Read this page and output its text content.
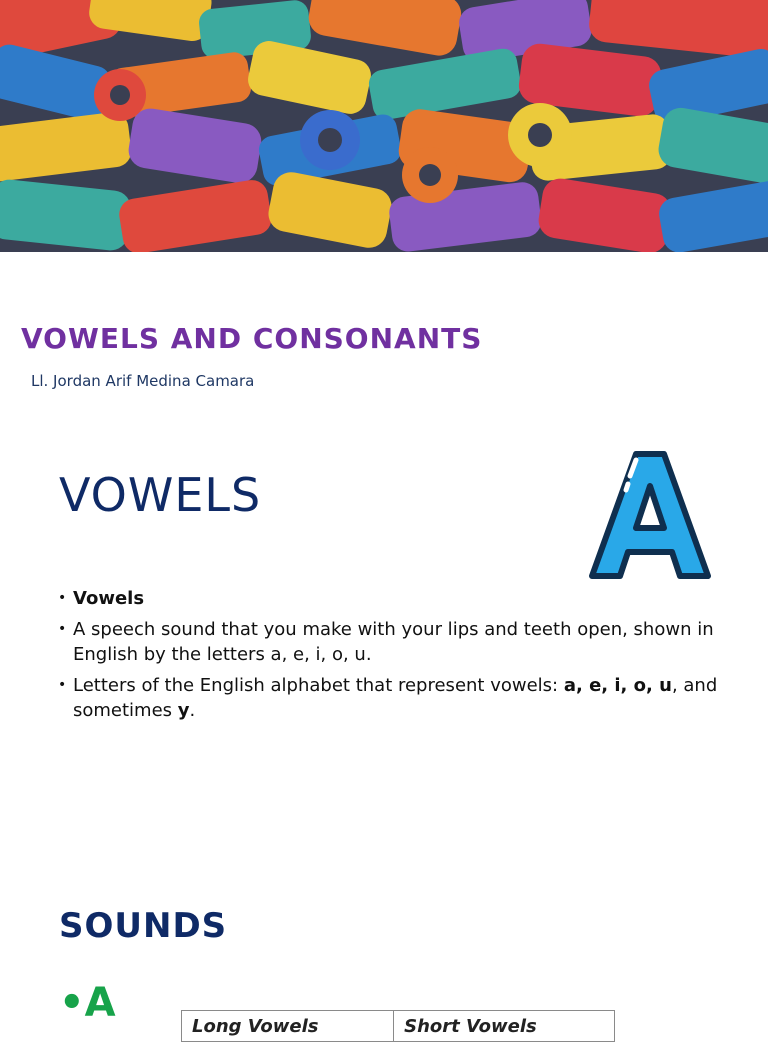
VOWELS AND CONSONANTS
Ll. Jordan Arif Medina Camara
VOWELS
• Vowels
• A speech sound that you make with your lips and teeth open, shown in English by the letters a, e, i, o, u.
• Letters of the English alphabet that represent vowels: a, e, i, o, u, and sometimes y.
SOUNDS
•A	Long Vowels	Short Vowels
